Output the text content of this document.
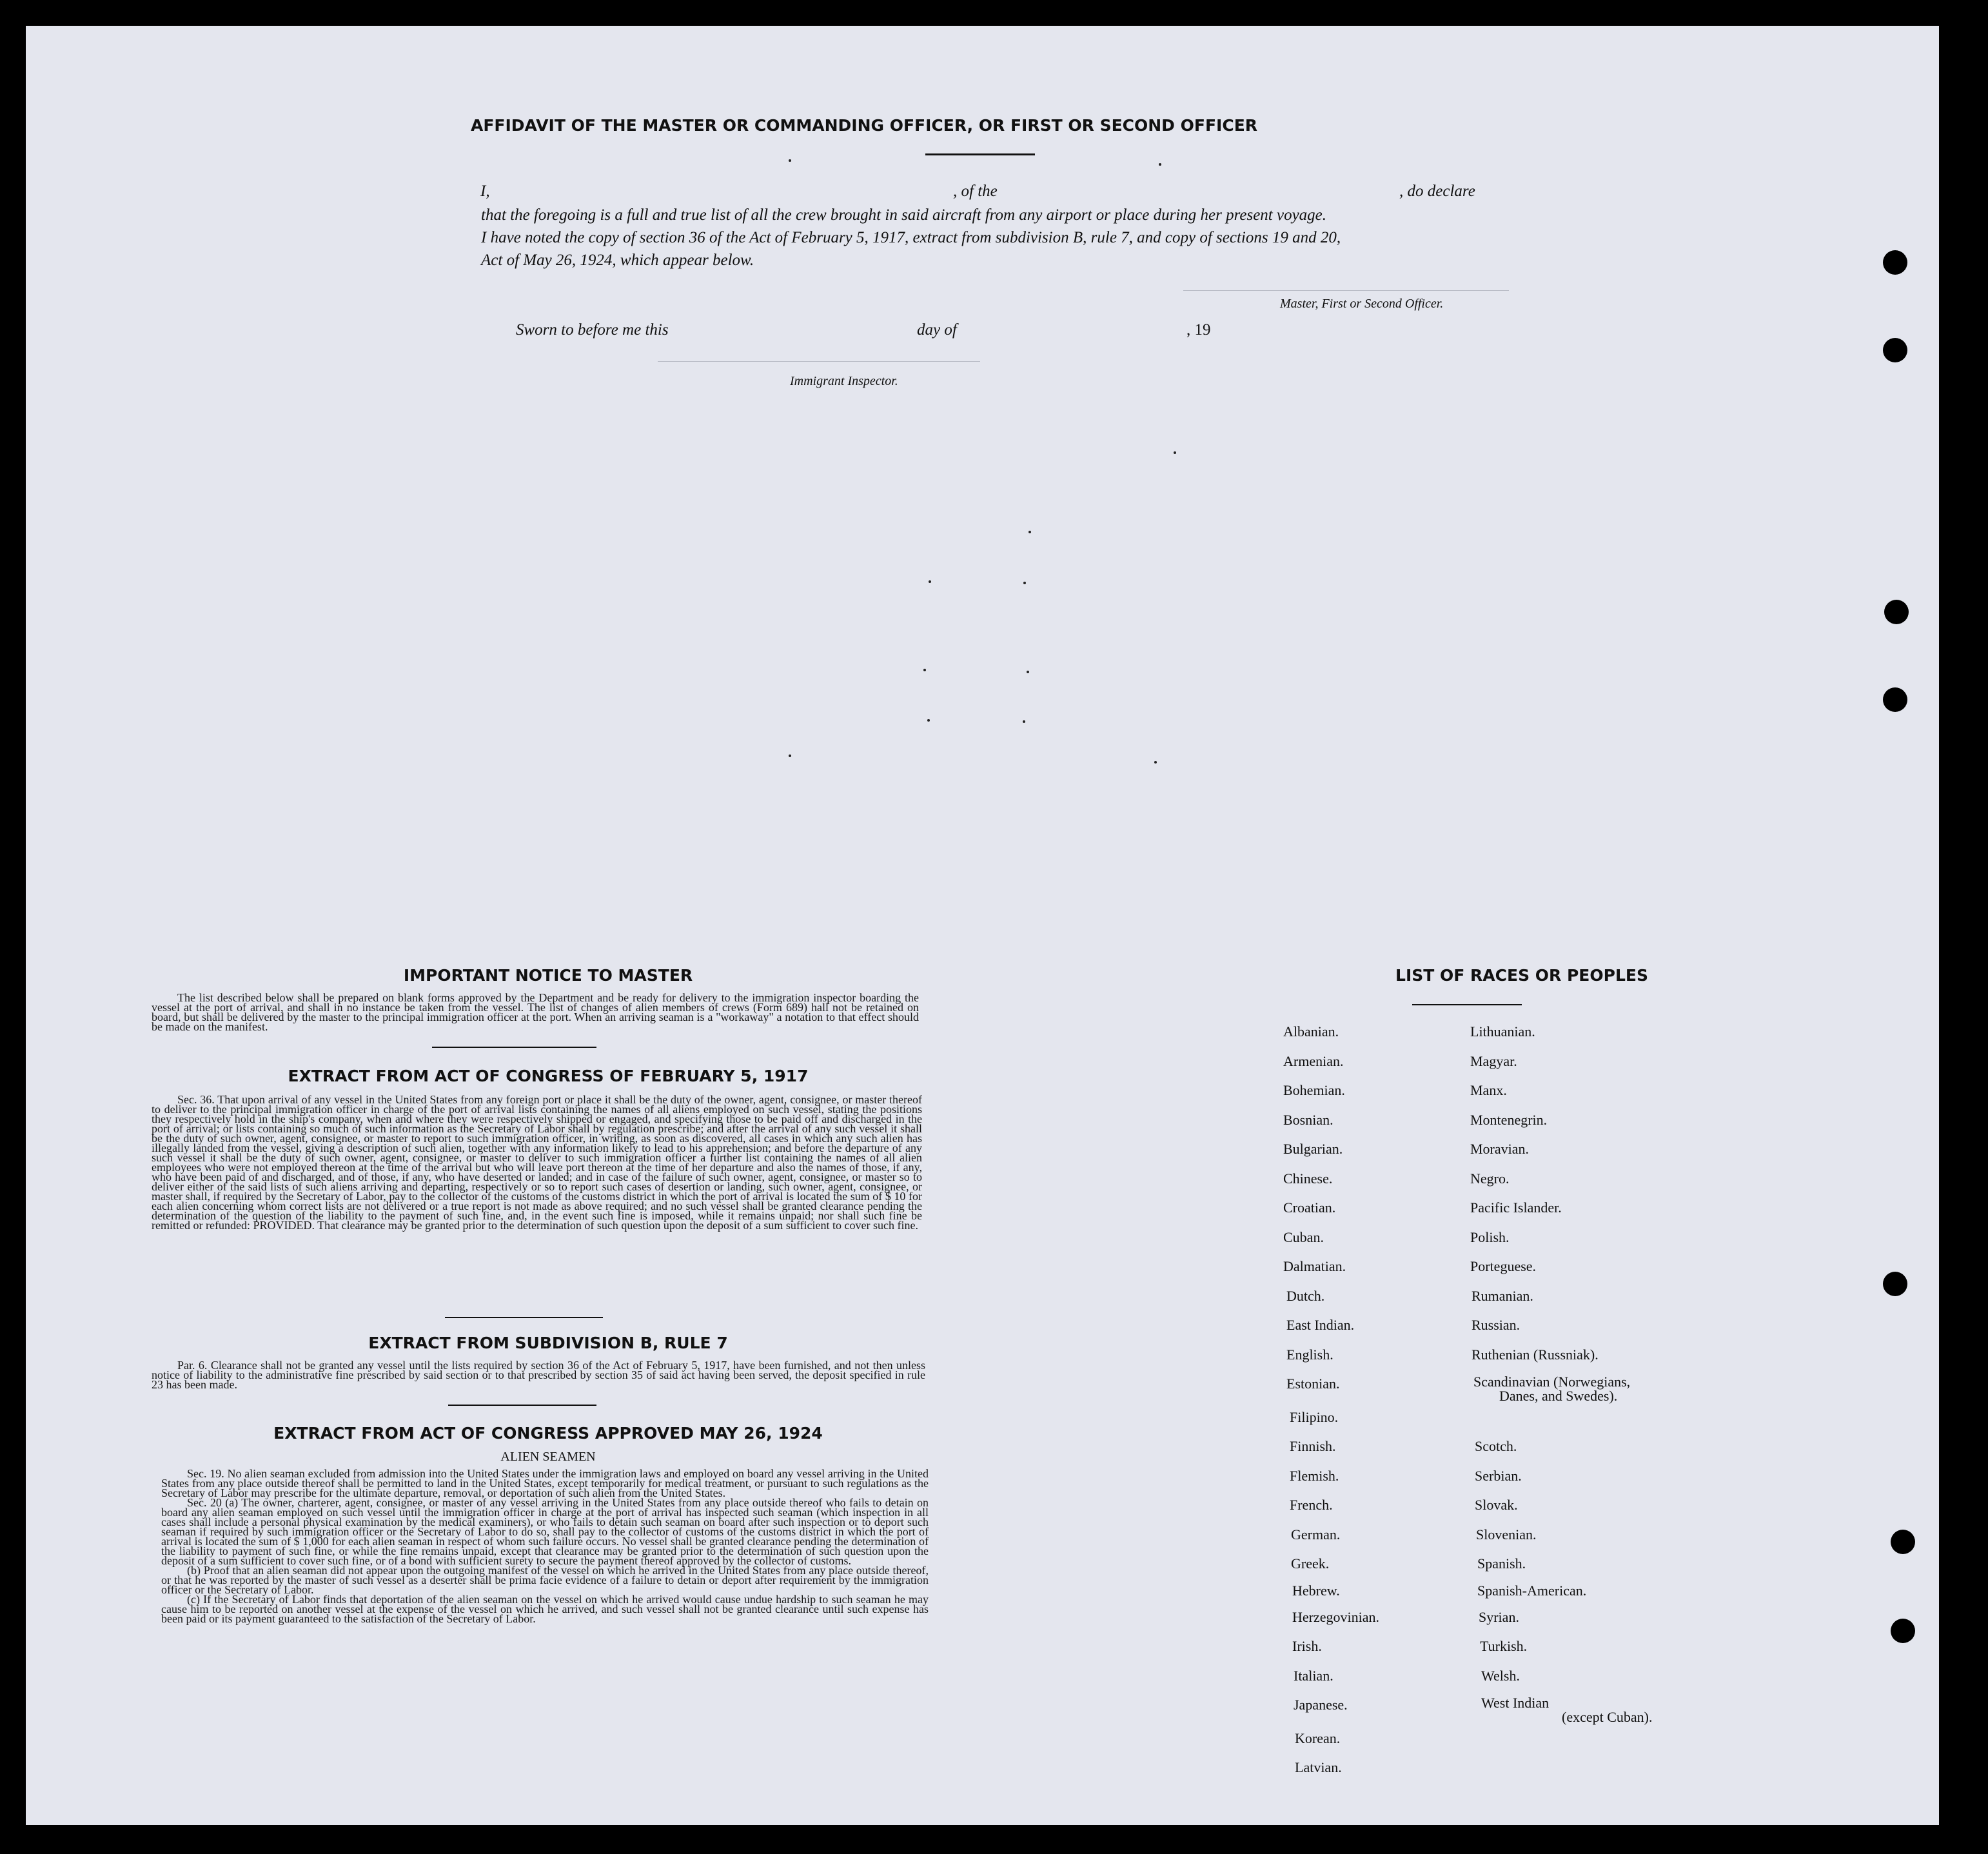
AFFIDAVIT OF THE MASTER OR COMMANDING OFFICER, OR FIRST OR SECOND OFFICER
I,	, of the	, do declare
that the foregoing is a full and true list of all the crew brought in said aircraft from any airport or place during her present voyage.
I have noted the copy of section 36 of the Act of February 5, 1917, extract from subdivision B, rule 7, and copy of sections 19 and 20,
Act of May 26, 1924, which appear below.
Master, First or Second Officer.
Sworn to before me this	day of	, 19
Immigrant Inspector.
IMPORTANT NOTICE TO MASTER

The list described below shall be prepared on blank forms approved by the Department and be ready for delivery to the immigration inspector boarding the vessel at the port of arrival, and shall in no instance be taken from the vessel. The list of changes of alien members of crews (Form 689) hall not be retained on board, but shall be delivered by the master to the principal immigration officer at the port. When an arriving seaman is a "workaway" a notation to that effect should be made on the manifest.

EXTRACT FROM ACT OF CONGRESS OF FEBRUARY 5, 1917

Sec. 36. That upon arrival of any vessel in the United States from any foreign port or place it shall be the duty of the owner, agent, consignee, or master thereof to deliver to the principal immigration officer in charge of the port of arrival lists containing the names of all aliens employed on such vessel, stating the positions they respectively hold in the ship's company, when and where they were respectively shipped or engaged, and specifying those to be paid off and discharged in the port of arrival; or lists containing so much of such information as the Secretary of Labor shall by regulation prescribe; and after the arrival of any such vessel it shall be the duty of such owner, agent, consignee, or master to report to such immigration officer, in writing, as soon as discovered, all cases in which any such alien has illegally landed from the vessel, giving a description of such alien, together with any information likely to lead to his apprehension; and before the departure of any such vessel it shall be the duty of such owner, agent, consignee, or master to deliver to such immigration officer a further list containing the names of all alien employees who were not employed thereon at the time of the arrival but who will leave port thereon at the time of her departure and also the names of those, if any, who have been paid of and discharged, and of those, if any, who have deserted or landed; and in case of the failure of such owner, agent, consignee, or master so to deliver either of the said lists of such aliens arriving and departing, respectively or so to report such cases of desertion or landing, such owner, agent, consignee, or master shall, if required by the Secretary of Labor, pay to the collector of the customs of the customs district in which the port of arrival is located the sum of $ 10 for each alien concerning whom correct lists are not delivered or a true report is not made as above required; and no such vessel shall be granted clearance pending the determination of the question of the liability to the payment of such fine, and, in the event such fine is imposed, while it remains unpaid; nor shall such fine be remitted or refunded: PROVIDED. That clearance may be granted prior to the determination of such question upon the deposit of a sum sufficient to cover such fine.

EXTRACT FROM SUBDIVISION B, RULE 7

Par. 6. Clearance shall not be granted any vessel until the lists required by section 36 of the Act of February 5, 1917, have been furnished, and not then unless notice of liability to the administrative fine prescribed by said section or to that prescribed by section 35 of said act having been served, the deposit specified in rule 23 has been made.

EXTRACT FROM ACT OF CONGRESS APPROVED MAY 26, 1924
ALIEN SEAMEN

Sec. 19. No alien seaman excluded from admission into the United States under the immigration laws and employed on board any vessel arriving in the United States from any place outside thereof shall be permitted to land in the United States, except temporarily for medical treatment, or pursuant to such regulations as the Secretary of Labor may prescribe for the ultimate departure, removal, or deportation of such alien from the United States.

Sec. 20 (a) The owner, charterer, agent, consignee, or master of any vessel arriving in the United States from any place outside thereof who fails to detain on board any alien seaman employed on such vessel until the immigration officer in charge at the port of arrival has inspected such seaman (which inspection in all cases shall include a personal physical examination by the medical examiners), or who fails to detain such seaman on board after such inspection or to deport such seaman if required by such immigration officer or the Secretary of Labor to do so, shall pay to the collector of customs of the customs district in which the port of arrival is located the sum of $ 1,000 for each alien seaman in respect of whom such failure occurs. No vessel shall be granted clearance pending the determination of the liability to payment of such fine, or while the fine remains unpaid, except that clearance may be granted prior to the determination of such question upon the deposit of a sum sufficient to cover such fine, or of a bond with sufficient surety to secure the payment thereof approved by the collector of customs.

(b) Proof that an alien seaman did not appear upon the outgoing manifest of the vessel on which he arrived in the United States from any place outside thereof, or that he was reported by the master of such vessel as a deserter shall be prima facie evidence of a failure to detain or deport after requirement by the immigration officer or the Secretary of Labor.

(c) If the Secretary of Labor finds that deportation of the alien seaman on the vessel on which he arrived would cause undue hardship to such seaman he may cause him to be reported on another vessel at the expense of the vessel on which he arrived, and such vessel shall not be granted clearance until such expense has been paid or its payment guaranteed to the satisfaction of the Secretary of Labor.

LIST OF RACES OR PEOPLES
Albanian.
Armenian.
Bohemian.
Bosnian.
Bulgarian.
Chinese.
Croatian.
Cuban.
Dalmatian.
Dutch.
East Indian.
English.
Estonian.
Filipino.
Finnish.
Flemish.
French.
German.
Greek.
Hebrew.
Herzegovinian.
Irish.
Italian.
Japanese.
Korean.
Latvian.
Lithuanian.
Magyar.
Manx.
Montenegrin.
Moravian.
Negro.
Pacific Islander.
Polish.
Porteguese.
Rumanian.
Russian.
Ruthenian (Russniak).
Scandinavian (Norwegians,
Danes, and Swedes).
Scotch.
Serbian.
Slovak.
Slovenian.
Spanish.
Spanish-American.
Syrian.
Turkish.
Welsh.
West Indian
(except Cuban).
